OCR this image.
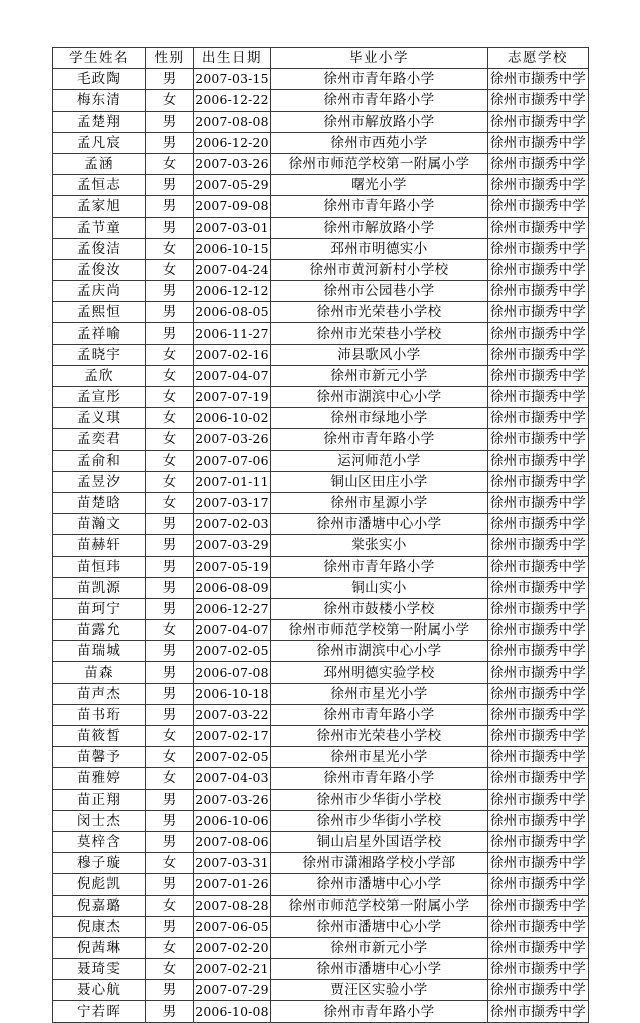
学生姓名	性别	出生日期	毕业小学	志愿学校
毛政陶	男	2007-03-15	徐州市青年路小学	徐州市撷秀中学
梅东清	女	2006-12-22	徐州市青年路小学	徐州市撷秀中学
孟楚翔	男	2007-08-08	徐州市解放路小学	徐州市撷秀中学
孟凡宸	男	2006-12-20	徐州市西苑小学	徐州市撷秀中学
孟涵	女	2007-03-26	徐州市师范学校第一附属小学	徐州市撷秀中学
孟恒志	男	2007-05-29	曙光小学	徐州市撷秀中学
孟家旭	男	2007-09-08	徐州市青年路小学	徐州市撷秀中学
孟节童	男	2007-03-01	徐州市解放路小学	徐州市撷秀中学
孟俊洁	女	2006-10-15	邳州市明德实小	徐州市撷秀中学
孟俊汝	女	2007-04-24	徐州市黄河新村小学校	徐州市撷秀中学
孟庆尚	男	2006-12-12	徐州市公园巷小学	徐州市撷秀中学
孟熙恒	男	2006-08-05	徐州市光荣巷小学校	徐州市撷秀中学
孟祥喻	男	2006-11-27	徐州市光荣巷小学校	徐州市撷秀中学
孟晓宇	女	2007-02-16	沛县歌风小学	徐州市撷秀中学
孟欣	女	2007-04-07	徐州市新元小学	徐州市撷秀中学
孟宣彤	女	2007-07-19	徐州市湖滨中心小学	徐州市撷秀中学
孟义琪	女	2006-10-02	徐州市绿地小学	徐州市撷秀中学
孟奕君	女	2007-03-26	徐州市青年路小学	徐州市撷秀中学
孟俞和	女	2007-07-06	运河师范小学	徐州市撷秀中学
孟昱汐	女	2007-01-11	铜山区田庄小学	徐州市撷秀中学
苗楚晗	女	2007-03-17	徐州市星源小学	徐州市撷秀中学
苗瀚文	男	2007-02-03	徐州市潘塘中心小学	徐州市撷秀中学
苗赫轩	男	2007-03-29	棠张实小	徐州市撷秀中学
苗恒玮	男	2007-05-19	徐州市青年路小学	徐州市撷秀中学
苗凯源	男	2006-08-09	铜山实小	徐州市撷秀中学
苗珂宁	男	2006-12-27	徐州市鼓楼小学校	徐州市撷秀中学
苗露允	女	2007-04-07	徐州市师范学校第一附属小学	徐州市撷秀中学
苗瑞城	男	2007-02-05	徐州市湖滨中心小学	徐州市撷秀中学
苗森	男	2006-07-08	邳州明德实验学校	徐州市撷秀中学
苗声杰	男	2006-10-18	徐州市星光小学	徐州市撷秀中学
苗书珩	男	2007-03-22	徐州市青年路小学	徐州市撷秀中学
苗筱皙	女	2007-02-17	徐州市光荣巷小学校	徐州市撷秀中学
苗馨予	女	2007-02-05	徐州市星光小学	徐州市撷秀中学
苗雅婷	女	2007-04-03	徐州市青年路小学	徐州市撷秀中学
苗正翔	男	2007-03-26	徐州市少华街小学校	徐州市撷秀中学
闵士杰	男	2006-10-06	徐州市少华街小学校	徐州市撷秀中学
莫梓含	男	2007-08-06	铜山启星外国语学校	徐州市撷秀中学
穆子璇	女	2007-03-31	徐州市潇湘路学校小学部	徐州市撷秀中学
倪彪凯	男	2007-01-26	徐州市潘塘中心小学	徐州市撷秀中学
倪嘉璐	女	2007-08-28	徐州市师范学校第一附属小学	徐州市撷秀中学
倪康杰	男	2007-06-05	徐州市潘塘中心小学	徐州市撷秀中学
倪茜琳	女	2007-02-20	徐州市新元小学	徐州市撷秀中学
聂琦雯	女	2007-02-21	徐州市潘塘中心小学	徐州市撷秀中学
聂心航	男	2007-07-29	贾汪区实验小学	徐州市撷秀中学
宁若晖	男	2006-10-08	徐州市青年路小学	徐州市撷秀中学
